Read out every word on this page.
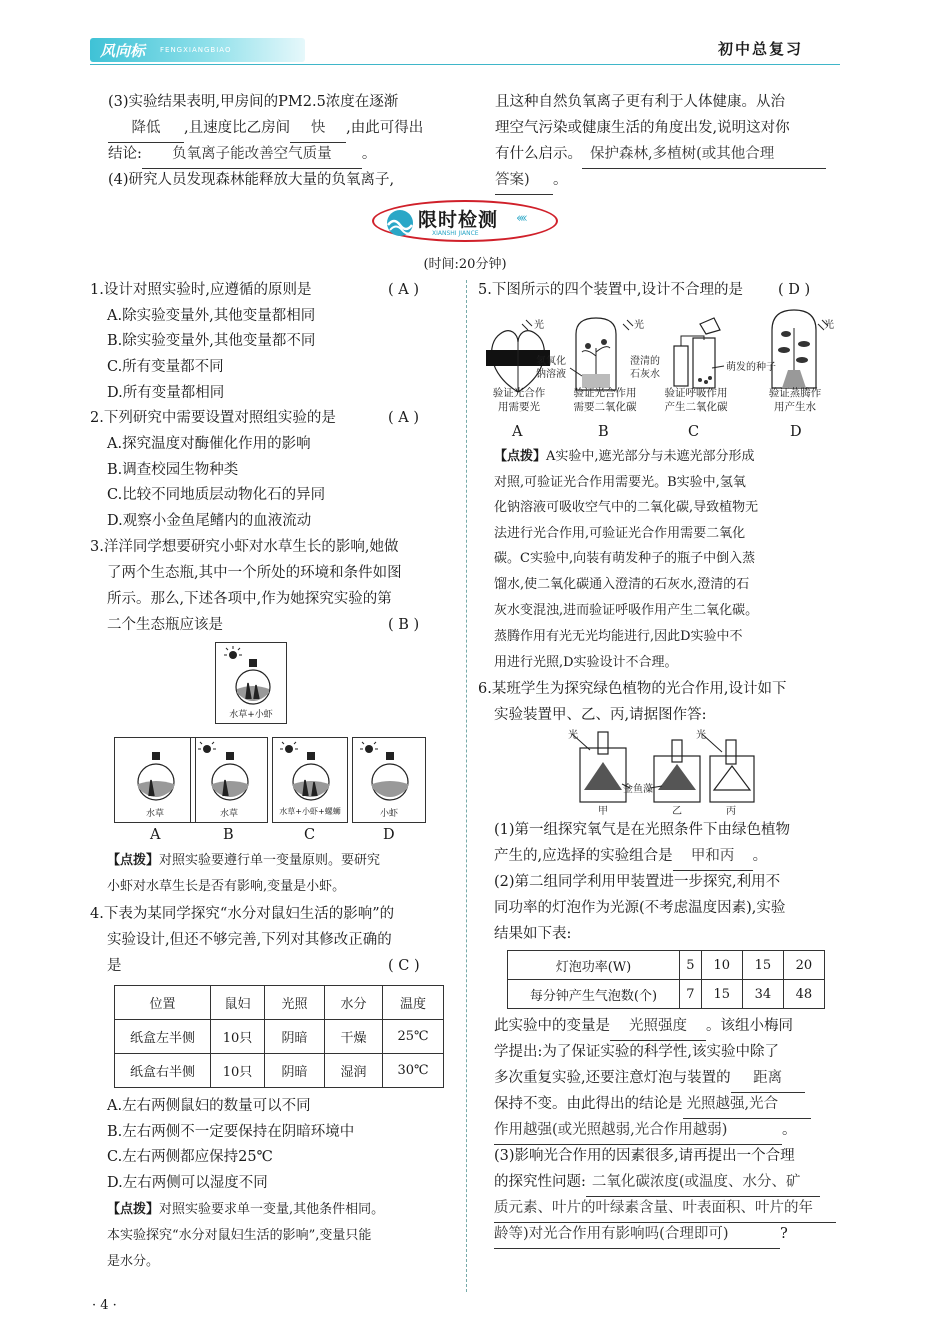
风向标 FENGXIANGBIAO	初中总复习
(3)实验结果表明,甲房间的PM2.5浓度在逐渐
降低 ,且速度比乙房间 快 ,由此可得出
结论: 负氧离子能改善空气质量 。
(4)研究人员发现森林能释放大量的负氧离子,
且这种自然负氧离子更有利于人体健康。从治
理空气污染或健康生活的角度出发,说明这对你
有什么启示。 保护森林,多植树(或其他合理
答案) 。
限时检测
XIANSHI JIANCE
‹‹‹‹
(时间:20分钟)
1.设计对照实验时,应遵循的原则是	( A )
A.除实验变量外,其他变量都相同
B.除实验变量外,其他变量都不同
C.所有变量都不同
D.所有变量都相同
2.下列研究中需要设置对照组实验的是	( A )
A.探究温度对酶催化作用的影响
B.调查校园生物种类
C.比较不同地质层动物化石的异同
D.观察小金鱼尾鳍内的血液流动
3.洋洋同学想要研究小虾对水草生长的影响,她做
了两个生态瓶,其中一个所处的环境和条件如图
所示。那么,下述各项中,作为她探究实验的第
二个生态瓶应该是	( B )
水草+小虾
水草	水草	水草+小虾+螺蛳	小虾
A	B	C	D
【点拨】对照实验要遵行单一变量原则。要研究
小虾对水草生长是否有影响,变量是小虾。
4.下表为某同学探究“水分对鼠妇生活的影响”的
实验设计,但还不够完善,下列对其修改正确的
是	( C )
位置	鼠妇	光照	水分	温度
纸盒左半侧	10只	阴暗	干燥	25℃
纸盒右半侧	10只	阴暗	湿润	30℃
A.左右两侧鼠妇的数量可以不同
B.左右两侧不一定要保持在阴暗环境中
C.左右两侧都应保持25℃
D.左右两侧可以湿度不同
【点拨】对照实验要求单一变量,其他条件相同。
本实验探究“水分对鼠妇生活的影响”,变量只能
是水分。
5.下图所示的四个装置中,设计不合理的是 ( D )
光	光
氢氧化
钠溶液
澄清的
石灰水
萌发的种子
光
验证光合作
用需要光
验证光合作用
需要二氧化碳
验证呼吸作用
产生二氧化碳
验证蒸腾作
用产生水
A	B	C	D
【点拨】A实验中,遮光部分与未遮光部分形成
对照,可验证光合作用需要光。B实验中,氢氧
化钠溶液可吸收空气中的二氧化碳,导致植物无
法进行光合作用,可验证光合作用需要二氧化
碳。C实验中,向装有萌发种子的瓶子中倒入蒸
馏水,使二氧化碳通入澄清的石灰水,澄清的石
灰水变混浊,进而验证呼吸作用产生二氧化碳。
蒸腾作用有光无光均能进行,因此D实验中不
用进行光照,D实验设计不合理。
6.某班学生为探究绿色植物的光合作用,设计如下
实验装置甲、乙、丙,请据图作答:
光	光
金鱼藻
甲	乙	丙
(1)第一组探究氧气是在光照条件下由绿色植物
产生的,应选择的实验组合是 甲和丙 。
(2)第二组同学利用甲装置进一步探究,利用不
同功率的灯泡作为光源(不考虑温度因素),实验
结果如下表:
灯泡功率(W)	5	10	15	20
每分钟产生气泡数(个)	7	15	34	48
此实验中的变量是 光照强度 。该组小梅同
学提出:为了保证实验的科学性,该实验中除了
多次重复实验,还要注意灯泡与装置的 距离
保持不变。由此得出的结论是 光照越强,光合
作用越强(或光照越弱,光合作用越弱)	。
(3)影响光合作用的因素很多,请再提出一个合理
的探究性问题: 二氧化碳浓度(或温度、水分、矿
质元素、叶片的叶绿素含量、叶表面积、叶片的年
龄等)对光合作用有影响吗(合理即可)	?
· 4 ·
